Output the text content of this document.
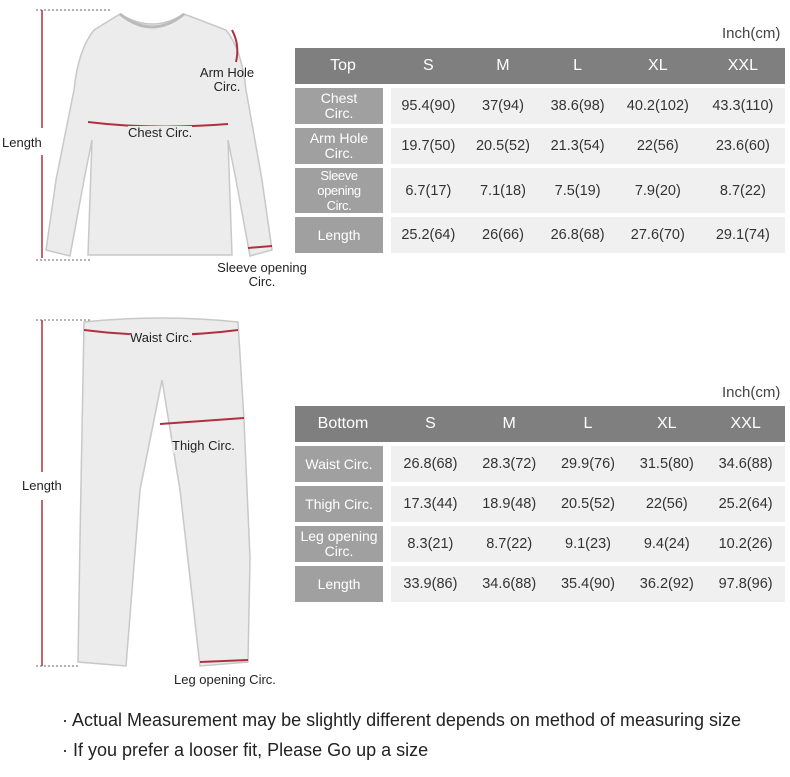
Arm Hole
Circ.
Chest Circ.
Length
Sleeve opening
Circ.
Waist Circ.
Thigh Circ.
Length
Leg opening Circ.
Inch(cm)
Top	S	M	L	XL	XXL
Chest
Circ.	95.4(90)	37(94)	38.6(98)	40.2(102)	43.3(110)
Arm Hole
Circ.	19.7(50)	20.5(52)	21.3(54)	22(56)	23.6(60)
Sleeve opening
Circ.	6.7(17)	7.1(18)	7.5(19)	7.9(20)	8.7(22)
Length	25.2(64)	26(66)	26.8(68)	27.6(70)	29.1(74)
Inch(cm)
Bottom	S	M	L	XL	XXL
Waist Circ.	26.8(68)	28.3(72)	29.9(76)	31.5(80)	34.6(88)
Thigh Circ.	17.3(44)	18.9(48)	20.5(52)	22(56)	25.2(64)
Leg opening
Circ.	8.3(21)	8.7(22)	9.1(23)	9.4(24)	10.2(26)
Length	33.9(86)	34.6(88)	35.4(90)	36.2(92)	97.8(96)
· Actual Measurement may be slightly different depends on method of measuring size
· If you prefer a looser fit, Please Go up a size
